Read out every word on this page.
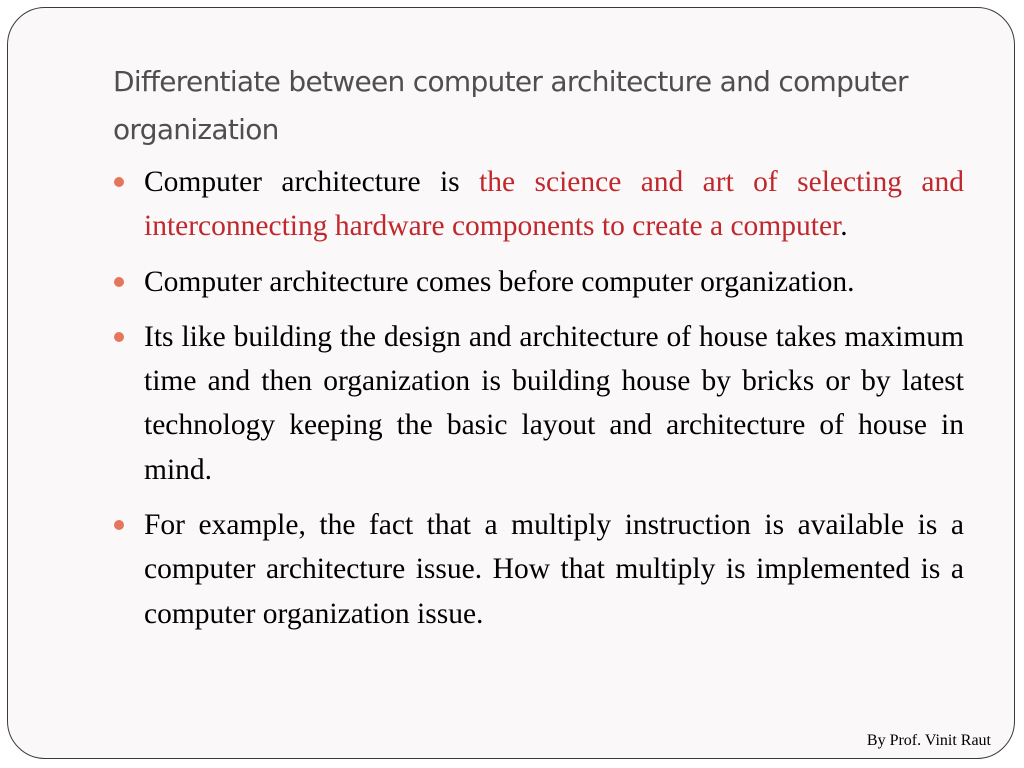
Differentiate between computer architecture and computer organization
Computer architecture is the science and art of selecting and interconnecting hardware components to create a computer.
Computer architecture comes before computer organization.
Its like building the design and architecture of house takes maximum time and then organization is building house by bricks or by latest technology keeping the basic layout and architecture of house in mind.
For example, the fact that a multiply instruction is available is a computer architecture issue. How that multiply is implemented is a computer organization issue.
By Prof. Vinit Raut
